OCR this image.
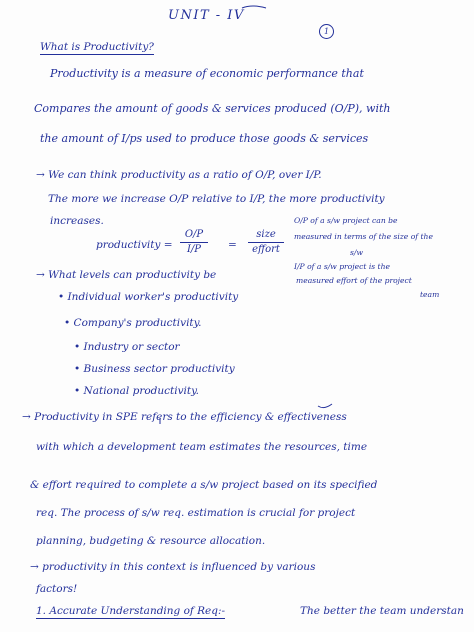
UNIT - IV
1
What is Productivity?
Productivity is a measure of economic performance that
Compares the amount of goods & services produced (O/P), with
the amount of I/ps used to produce those goods & services
→ We can think productivity as a ratio of O/P, over I/P.
The more we increase O/P relative to I/P, the more productivity
increases.
productivity =
O/P
I/P	=
size
effort
O/P of a s/w project can be
measured in terms of the size of the
s/w
→ What levels can productivity be
I/P of a s/w project is the
measured effort of the project
team
• Individual worker's productivity
• Company's productivity.
• Industry or sector
• Business sector productivity
• National productivity.
→ Productivity in SPE refers to the efficiency & effectiveness
with which a development team estimates the resources, time
& effort required to complete a s/w project based on its specified
req. The process of s/w req. estimation is crucial for project
planning, budgeting & resource allocation.
→ productivity in this context is influenced by various
factors!
1. Accurate Understanding of Req:-	The better the team understan
